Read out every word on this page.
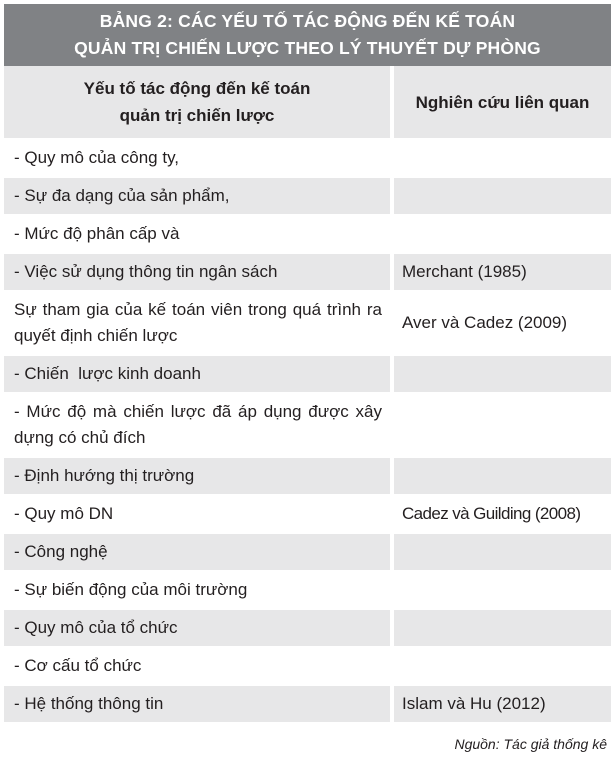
BẢNG 2: CÁC YẾU TỐ TÁC ĐỘNG ĐẾN KẾ TOÁN
QUẢN TRỊ CHIẾN LƯỢC THEO LÝ THUYẾT DỰ PHÒNG
Yếu tố tác động đến kế toán
quản trị chiến lược	Nghiên cứu liên quan
- Quy mô của công ty,	
- Sự đa dạng của sản phẩm,	
- Mức độ phân cấp và	
- Việc sử dụng thông tin ngân sách	Merchant (1985)
Sự tham gia của kế toán viên trong quá trình ra quyết định chiến lược	Aver và Cadez (2009)
- Chiến  lược kinh doanh	
- Mức độ mà chiến lược đã áp dụng được xây dựng có chủ đích	
- Định hướng thị trường	
- Quy mô DN	Cadez và Guilding (2008)
- Công nghệ	
- Sự biến động của môi trường	
- Quy mô của tổ chức	
- Cơ cấu tổ chức	
- Hệ thống thông tin	Islam và Hu (2012)
Nguồn: Tác giả thống kê
